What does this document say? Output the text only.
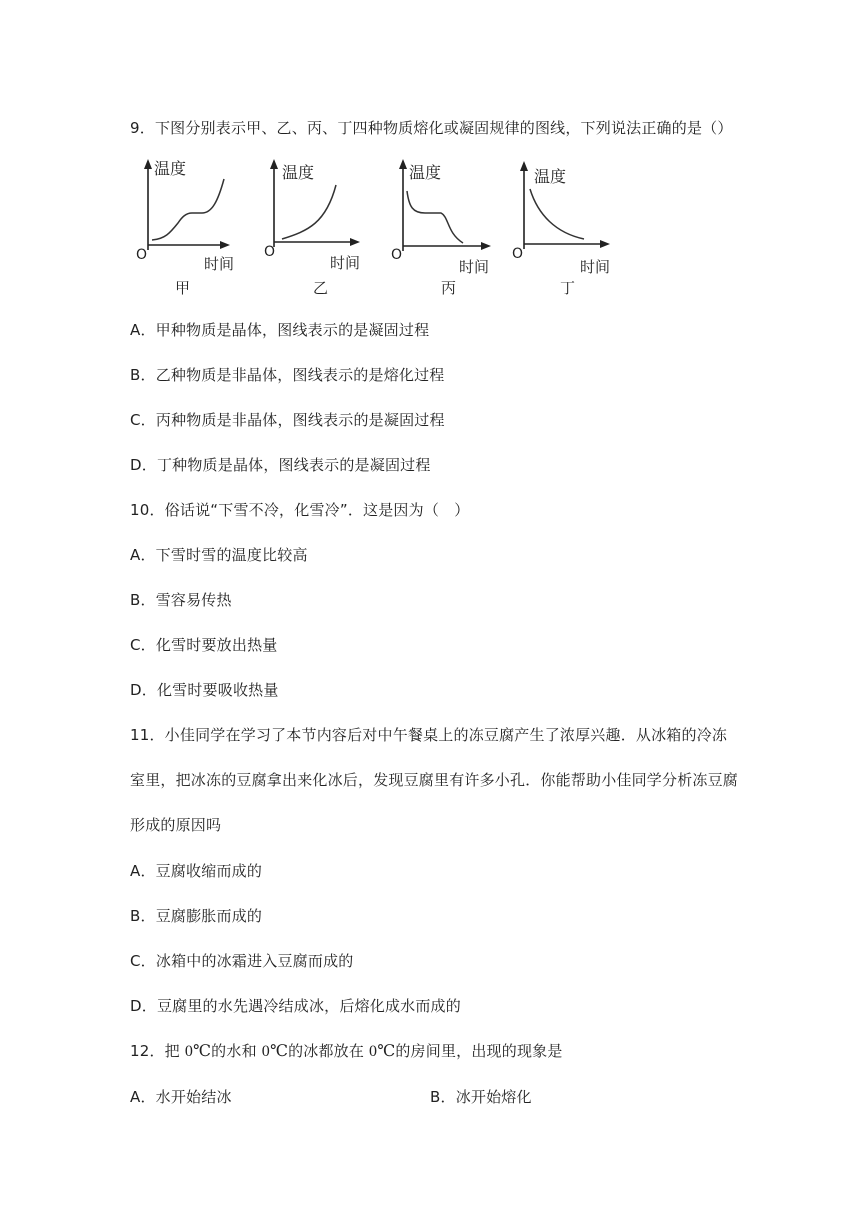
9．下图分别表示甲、乙、丙、丁四种物质熔化或凝固规律的图线，下列说法正确的是（）
温度
O	时间
甲
温度
O
时间
乙
温度
O
时间
丙
温度
O
时间
丁
A．甲种物质是晶体，图线表示的是凝固过程
B．乙种物质是非晶体，图线表示的是熔化过程
C．丙种物质是非晶体，图线表示的是凝固过程
D．丁种物质是晶体，图线表示的是凝固过程
10．俗话说“下雪不冷，化雪冷”．这是因为（　）
A．下雪时雪的温度比较高
B．雪容易传热
C．化雪时要放出热量
D．化雪时要吸收热量
11．小佳同学在学习了本节内容后对中午餐桌上的冻豆腐产生了浓厚兴趣．从冰箱的冷冻
室里，把冰冻的豆腐拿出来化冰后，发现豆腐里有许多小孔．你能帮助小佳同学分析冻豆腐
形成的原因吗
A．豆腐收缩而成的
B．豆腐膨胀而成的
C．冰箱中的冰霜进入豆腐而成的
D．豆腐里的水先遇冷结成冰，后熔化成水而成的
12．把 0℃的水和 0℃的冰都放在 0℃的房间里，出现的现象是
A．水开始结冰	B．冰开始熔化
